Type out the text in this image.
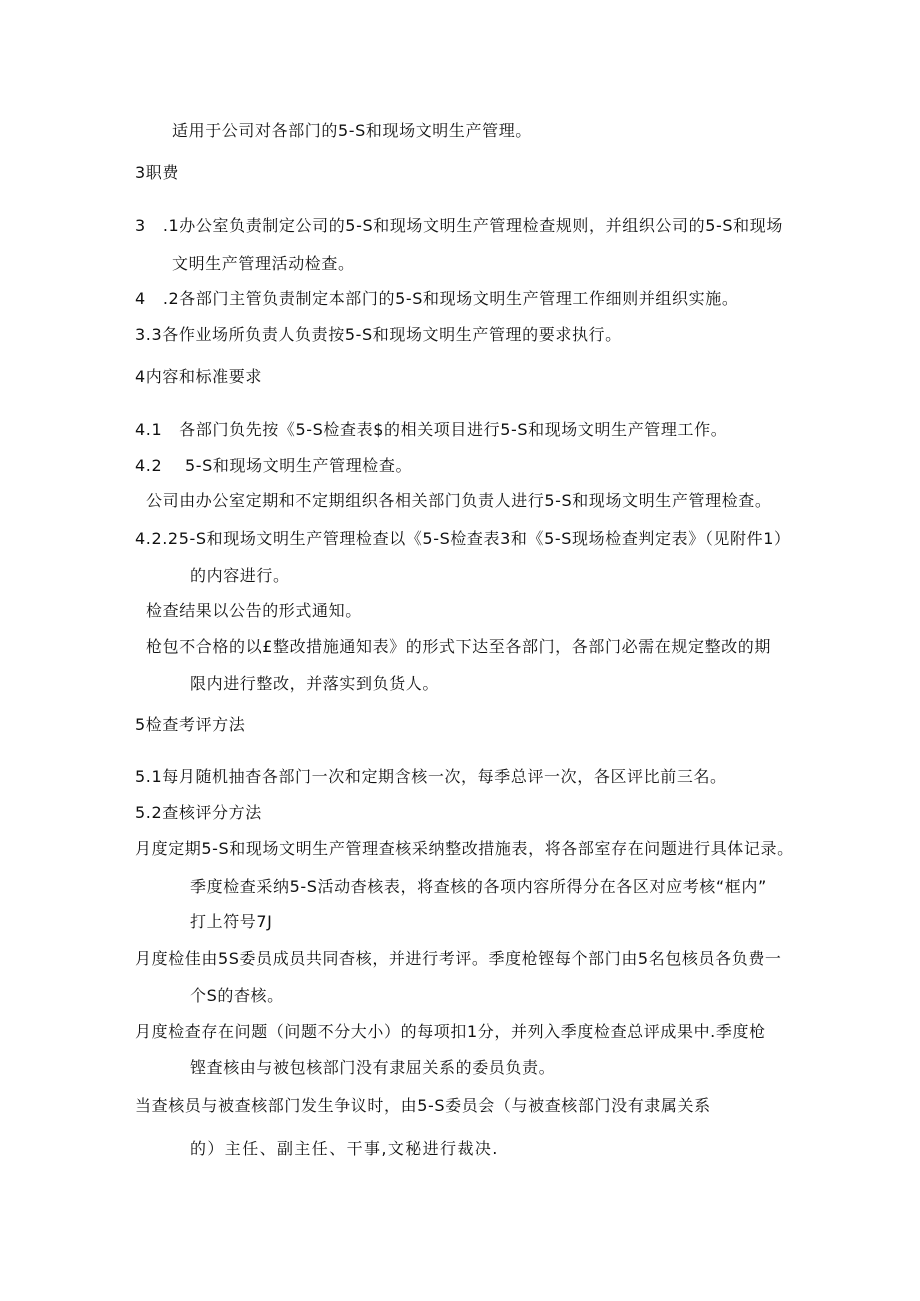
适用于公司对各部门的5-S和现场文明生产管理。
3职费
3   .1办公室负责制定公司的5-S和现场文明生产管理检查规则，并组织公司的5-S和现场
文明生产管理活动检查。
4   .2各部门主管负责制定本部门的5-S和现场文明生产管理工作细则并组织实施。
3.3各作业场所负责人负责按5-S和现场文明生产管理的要求执行。
4内容和标准要求
4.1   各部门负先按《5-S检查表$的相关项目进行5-S和现场文明生产管理工作。
4.2    5-S和现场文明生产管理检查。
公司由办公室定期和不定期组织各相关部门负责人进行5-S和现场文明生产管理检查。
4.2.25-S和现场文明生产管理检查以《5-S检查表3和《5-S现场检查判定表》（见附件1）
的内容进行。
检查结果以公告的形式通知。
枪包不合格的以£整改措施通知表》的形式下达至各部门，各部门必需在规定整改的期
限内进行整改，并落实到负货人。
5检查考评方法
5.1每月随机抽杳各部门一次和定期含核一次，每季总评一次，各区评比前三名。
5.2查核评分方法
月度定期5-S和现场文明生产管理查核采纳整改措施表，将各部室存在问题进行具体记录。
季度检查采纳5-S活动杳核表，将查核的各项内容所得分在各区对应考核“框内”
打上符号7J
月度检佳由5S委员成员共同杳核，并进行考评。季度枪铿每个部门由5名包核员各负费一
个S的杳核。
月度检查存在问题（问题不分大小）的每项扣1分，并列入季度检查总评成果中.季度枪
铿査核由与被包核部门没有隶屈关系的委员负责。
当查核员与被查核部门发生争议时，由5-S委员会（与被查核部门没有隶属关系
的）主任、副主任、干事,文秘进行裁决.
